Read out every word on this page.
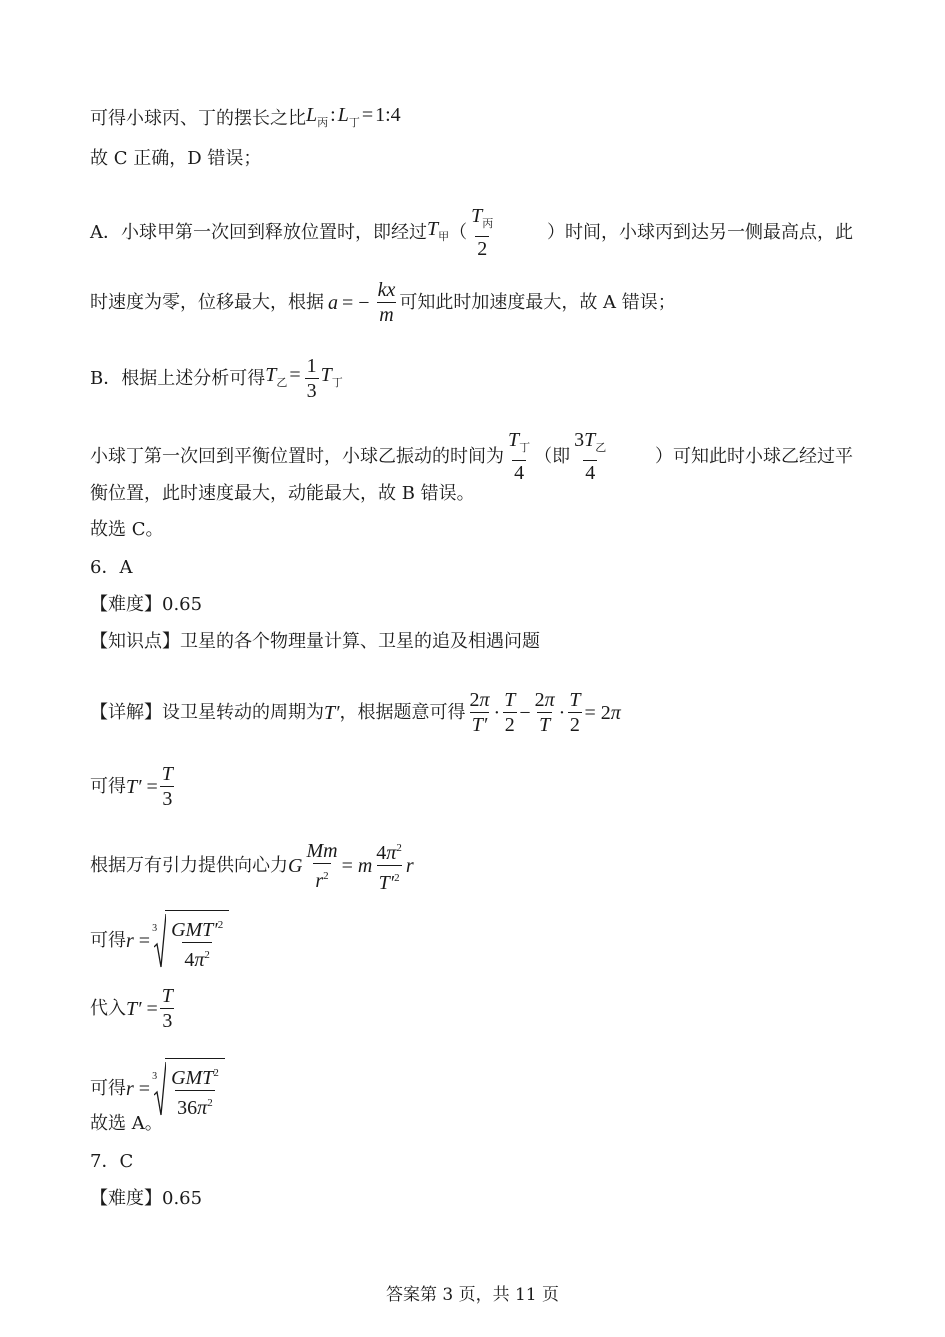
可得小球丙、丁的摆长之比 $L_丙$ : $L_丁$ = 1:4
故 C 正确，D 错误；
A．小球甲第一次回到释放位置时，即经过 $T_甲$ （ $\frac{T_丙}{2}$	）时间，小球丙到达另一侧最高点，此
时速度为零，位移最大，根据 a = − $\frac{kx}{m}$ 可知此时加速度最大，故 A 错误；
B．根据上述分析可得 $T_乙 = \frac{1}{3} T_丁$
小球丁第一次回到平衡位置时，小球乙振动的时间为 $\frac{T_丁}{4}$ （即 $\frac{3T_乙}{4}$	）可知此时小球乙经过平
衡位置，此时速度最大，动能最大，故 B 错误。
故选 C。
6．A
【难度】0.65
【知识点】卫星的各个物理量计算、卫星的追及相遇问题
【详解】设卫星转动的周期为 T′ ，根据题意可得 $\frac{2\pi}{T'} \cdot \frac{T}{2} - \frac{2\pi}{T} \cdot \frac{T}{2} = 2\pi$
可得 $T' = \frac{T}{3}$
根据万有引力提供向心力 G $\frac{Mm}{r^2} = m \frac{4\pi^2}{T'^2}$ r
可得 r =
$3 \frac{GMT'^2}{4\pi^2}$
代入 $T' = \frac{T}{3}$
可得 r =
$3 \frac{GMT^2}{36\pi^2}$
故选 A。
7．C
【难度】0.65
答案第 3 页，共 11 页
